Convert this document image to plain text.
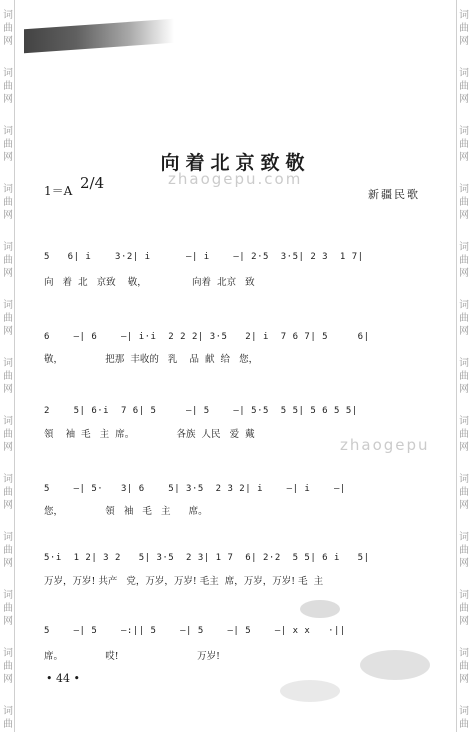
向着北京致敬
zhaogepu.com
1＝A 2/4
新疆民歌
5   6| i    3·2| i      —| i    —| 2·5  3·5| 2 3  1 7|
向   着  北   京致    敬，               向着  北京   致
6    —| 6    —| i·i  2 2 2| 3·5   2| i  7 6 7| 5     6|
敬，              把那  丰收的   乳    品  献  给   您，
2    5| 6·i  7 6| 5     —| 5    —| 5·5  5 5| 5 6 5 5|
領    袖  毛   主  席。              各族  人民   爱  戴
zhaogepu
5    —| 5·   3| 6    5| 3·5  2 3 2| i    —| i    —|
您，              領   袖   毛   主      席。
5·i  1 2| 3 2   5| 3·5  2 3| 1 7  6| 2·2  5 5| 6 i   5|
万岁，万岁! 共产   党，万岁，万岁! 毛主  席，万岁，万岁! 毛  主
5    —| 5    —:|| 5    —| 5    —| 5    —| x x   ·||
席。              哎!                          万岁!
• 44 •
词
曲
网
词
曲
网
词
曲
网
词
曲
网
词
曲
网
词
曲
网
词
曲
网
词
曲
网
词
曲
网
词
曲
网
词
曲
网
词
曲
网
词
曲
词
曲
网
词
曲
网
词
曲
网
词
曲
网
词
曲
网
词
曲
网
词
曲
网
词
曲
网
词
曲
网
词
曲
网
词
曲
网
词
曲
网
词
曲
